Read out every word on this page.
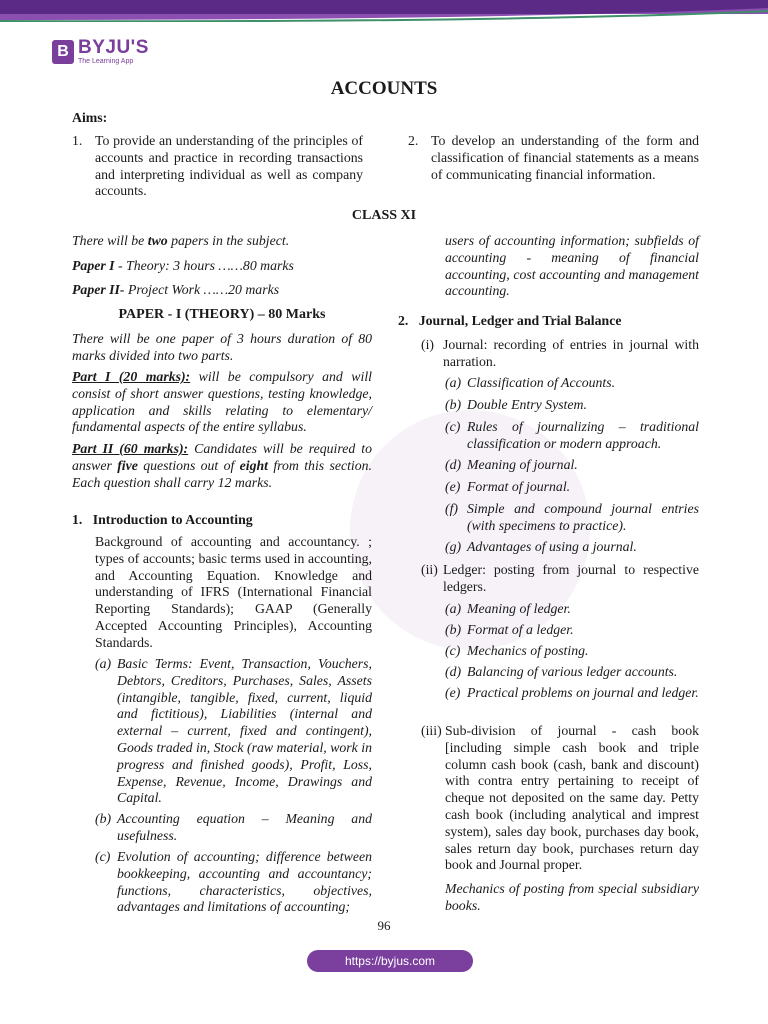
B BYJU'S
The Learning App
ACCOUNTS
Aims:
1. To provide an understanding of the principles of accounts and practice in recording transactions and interpreting individual as well as company accounts.
2. To develop an understanding of the form and classification of financial statements as a means of communicating financial information.
CLASS XI
There will be two papers in the subject.
Paper I - Theory: 3 hours ……80 marks
Paper II- Project Work ……20 marks
PAPER - I (THEORY) – 80 Marks
There will be one paper of 3 hours duration of 80 marks divided into two parts.
Part I (20 marks): will be compulsory and will consist of short answer questions, testing knowledge, application and skills relating to elementary/ fundamental aspects of the entire syllabus.
Part II (60 marks): Candidates will be required to answer five questions out of eight from this section. Each question shall carry 12 marks.
1.   Introduction to Accounting
Background of accounting and accountancy. ; types of accounts; basic terms used in accounting, and Accounting Equation. Knowledge and understanding of IFRS (International Financial Reporting Standards); GAAP (Generally Accepted Accounting Principles), Accounting Standards.
(a) Basic Terms: Event, Transaction, Vouchers, Debtors, Creditors, Purchases, Sales, Assets (intangible, tangible, fixed, current, liquid and fictitious), Liabilities (internal and external – current, fixed and contingent), Goods traded in, Stock (raw material, work in progress and finished goods), Profit, Loss, Expense, Revenue, Income, Drawings and Capital.
(b) Accounting equation – Meaning and usefulness.
(c) Evolution of accounting; difference between bookkeeping, accounting and accountancy; functions, characteristics, objectives, advantages and limitations of accounting;
users of accounting information; subfields of accounting - meaning of financial accounting, cost accounting and management accounting.
2.   Journal, Ledger and Trial Balance
(i) Journal: recording of entries in journal with narration.
(a) Classification of Accounts.
(b) Double Entry System.
(c) Rules of journalizing – traditional classification or modern approach.
(d) Meaning of journal.
(e) Format of journal.
(f) Simple and compound journal entries (with specimens to practice).
(g) Advantages of using a journal.
(ii) Ledger: posting from journal to respective ledgers.
(a) Meaning of ledger.
(b) Format of a ledger.
(c) Mechanics of posting.
(d) Balancing of various ledger accounts.
(e) Practical problems on journal and ledger.
(iii) Sub-division of journal - cash book [including simple cash book and triple column cash book (cash, bank and discount) with contra entry pertaining to receipt of cheque not deposited on the same day. Petty cash book (including analytical and imprest system), sales day book, purchases day book, sales return day book, purchases return day book and Journal proper.
Mechanics of posting from special subsidiary books.
96
https://byjus.com
